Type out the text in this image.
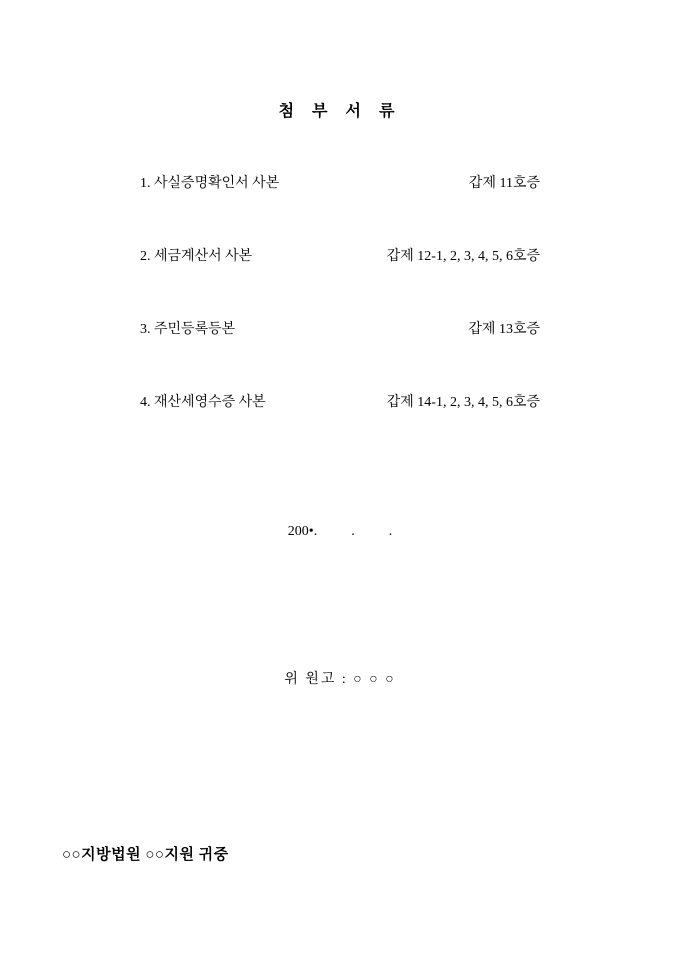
첨 부 서 류
1. 사실증명확인서 사본	갑제 11호증
2. 세금계산서 사본	갑제 12-1, 2, 3, 4, 5, 6호증
3. 주민등록등본	갑제 13호증
4. 재산세영수증 사본	갑제 14-1, 2, 3, 4, 5, 6호증
200•. . .
위 원고 : ○ ○ ○
○○지방법원 ○○지원 귀중
